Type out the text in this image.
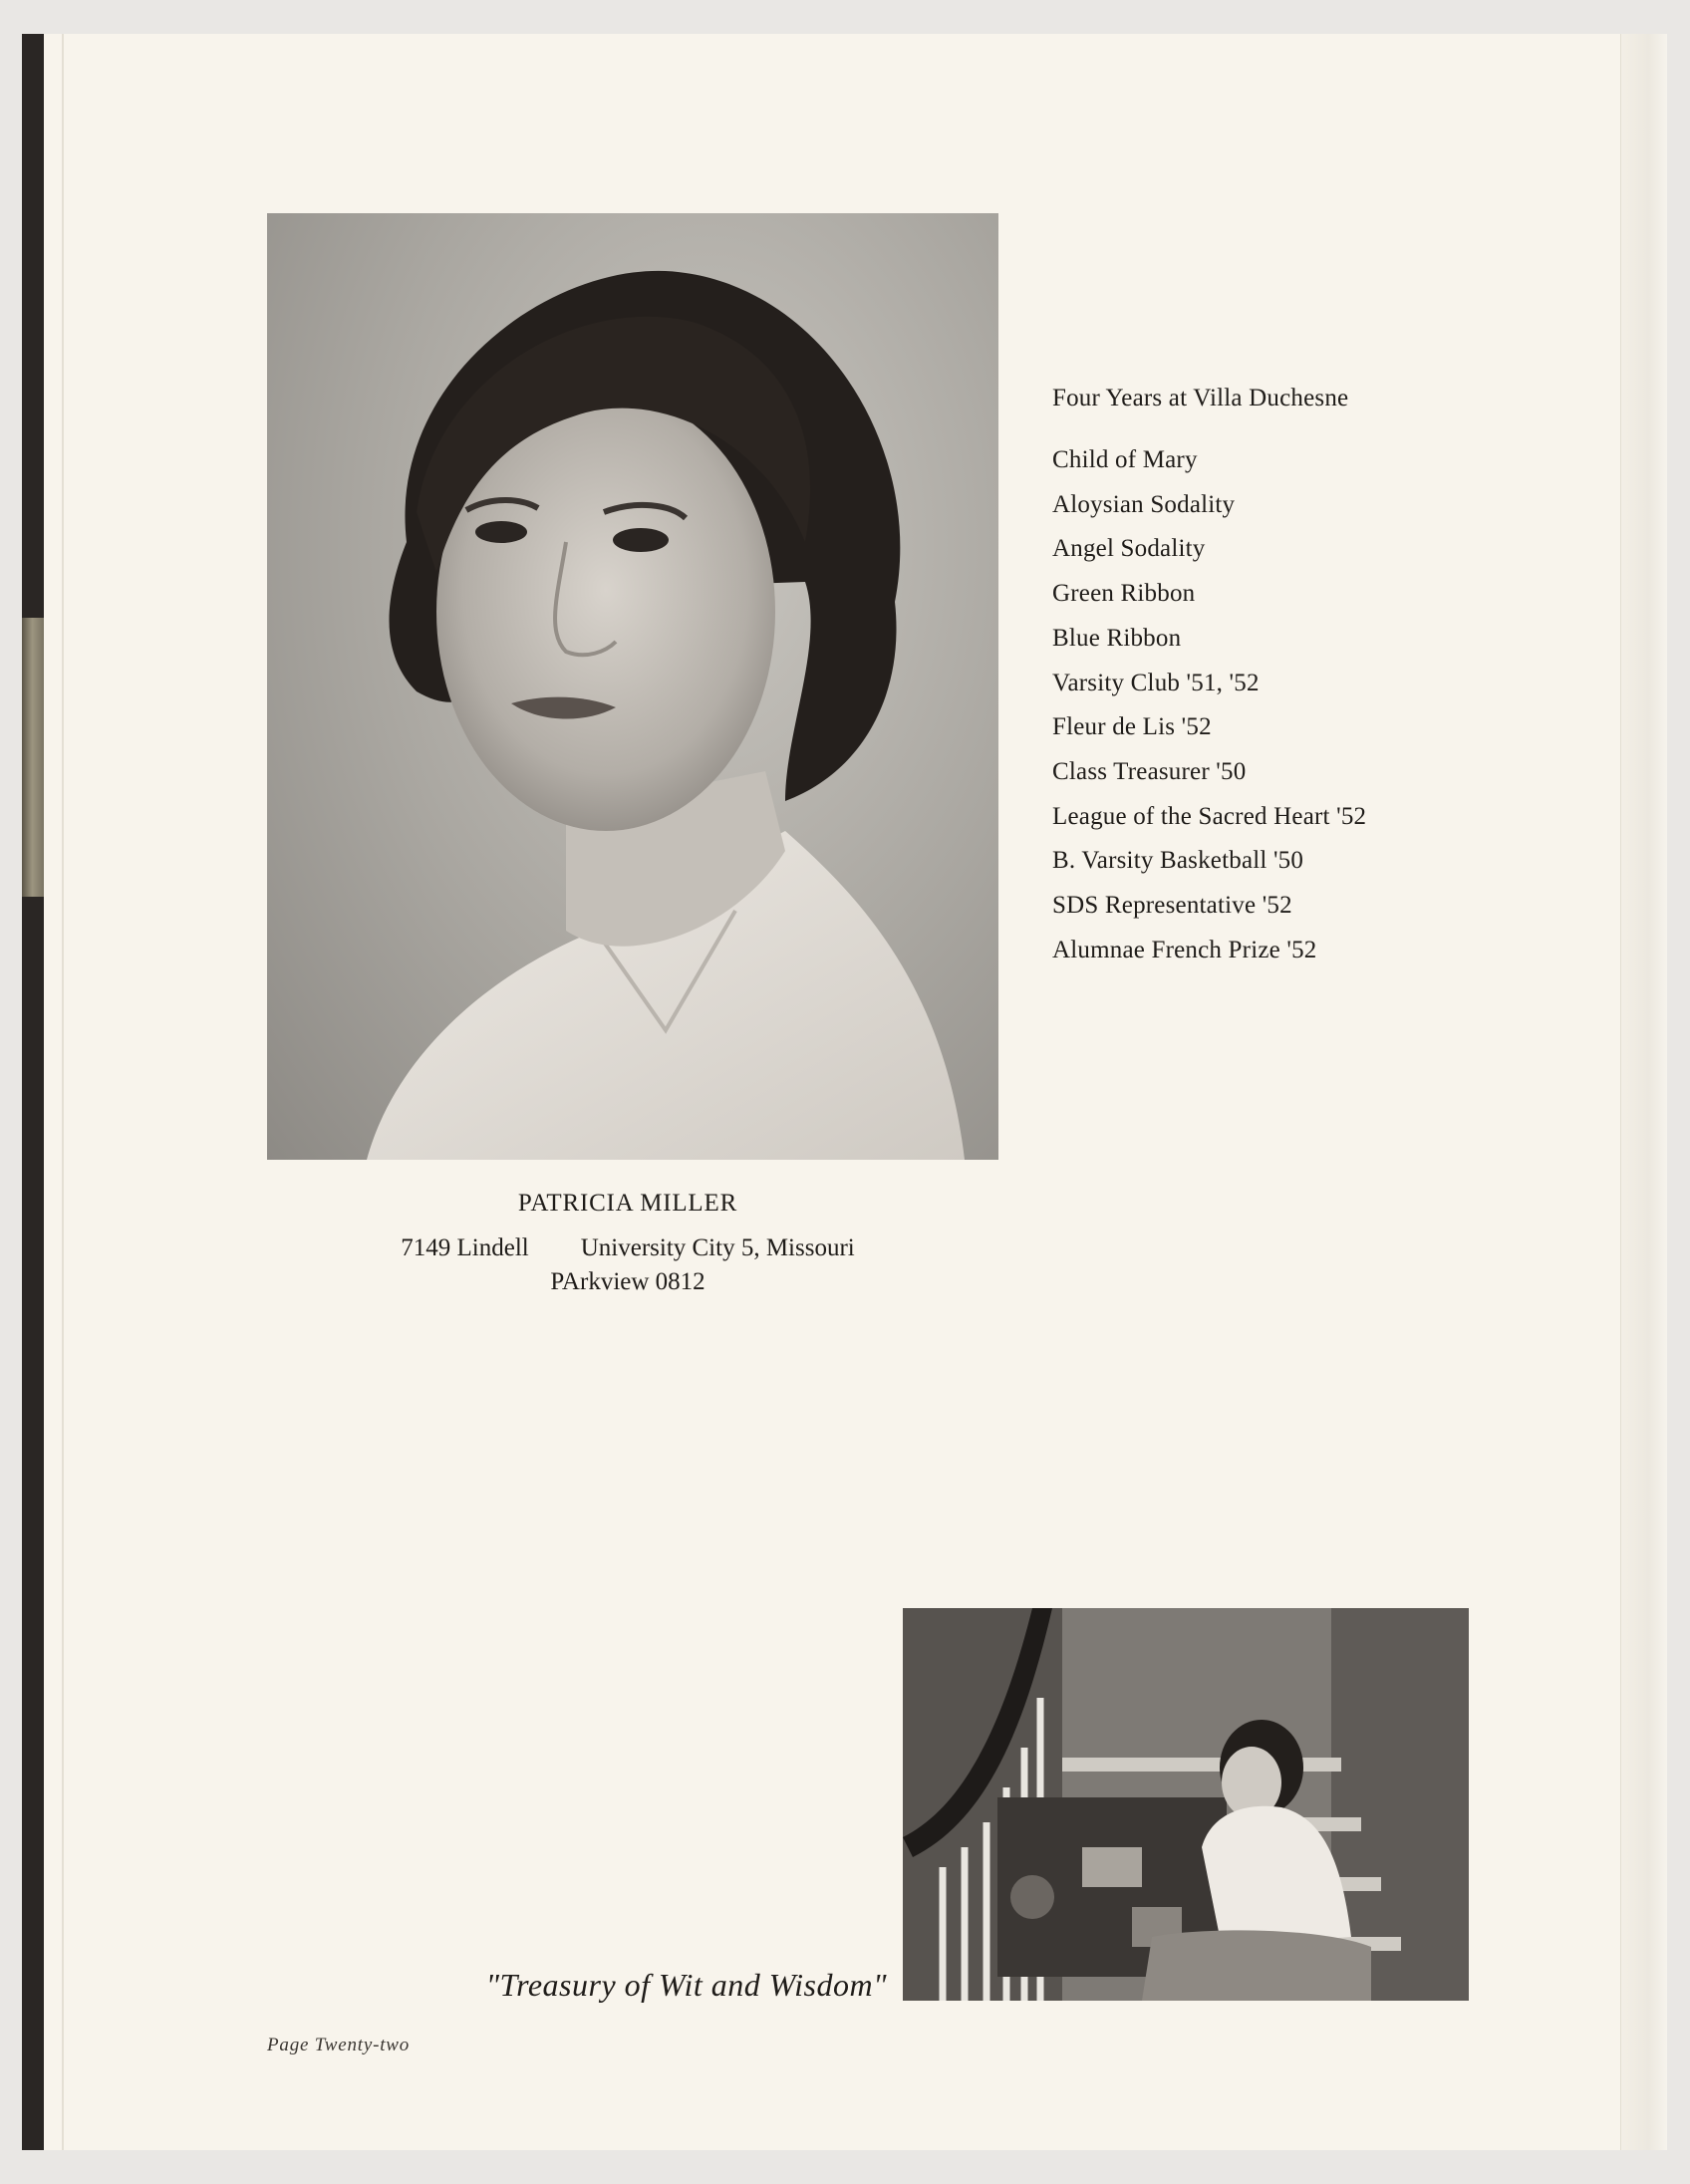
Four Years at Villa Duchesne
Child of Mary
Aloysian Sodality
Angel Sodality
Green Ribbon
Blue Ribbon
Varsity Club '51, '52
Fleur de Lis '52
Class Treasurer '50
League of the Sacred Heart '52
B. Varsity Basketball '50
SDS Representative '52
Alumnae French Prize '52
PATRICIA MILLER
7149 Lindell University City 5, Missouri
PArkview 0812
"Treasury of Wit and Wisdom"
Page Twenty-two
